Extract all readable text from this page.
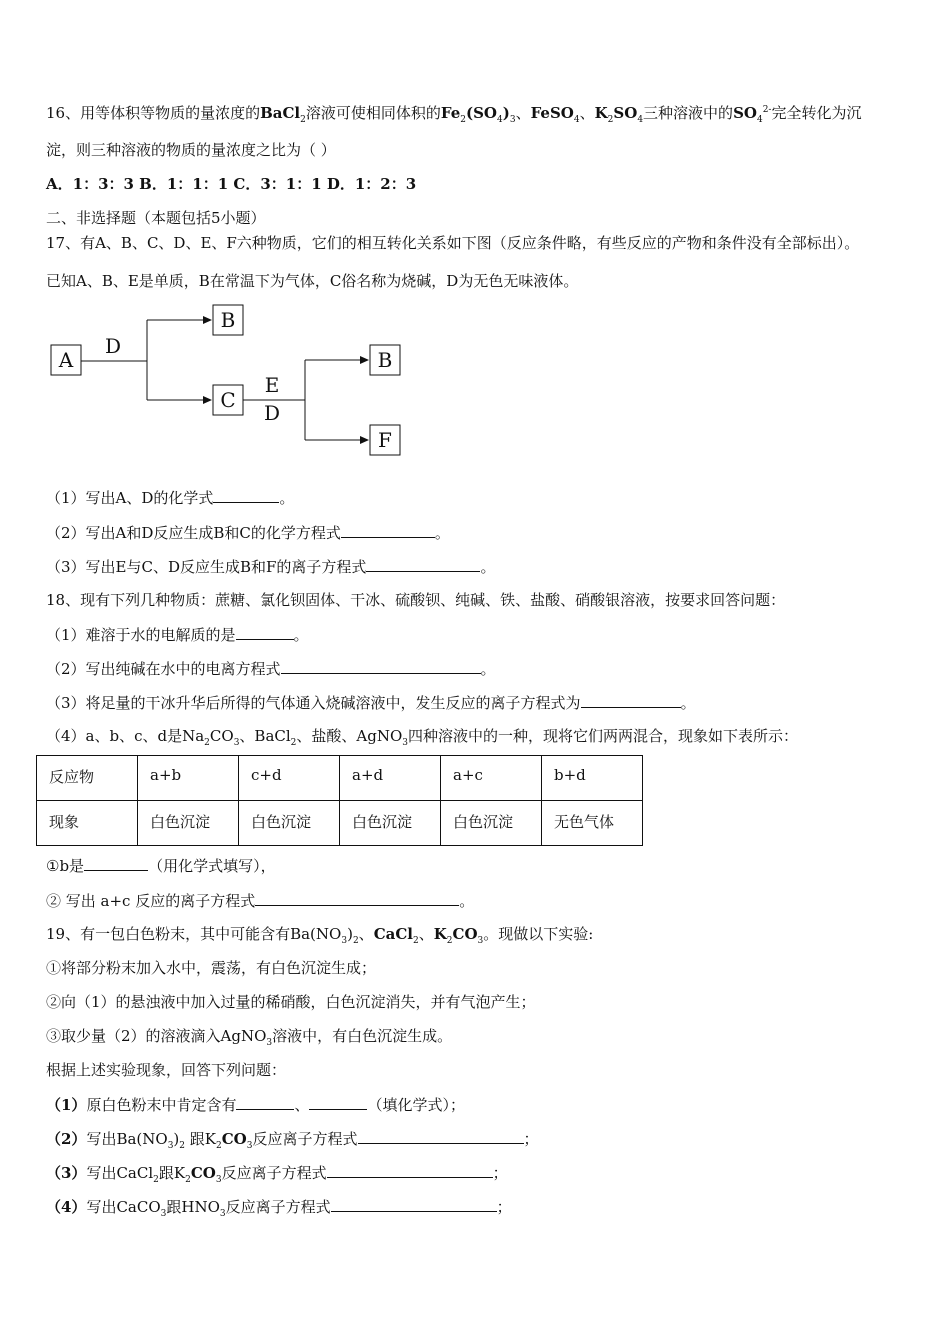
16、用等体积等物质的量浓度的BaCl$_2$溶液可使相同体积的$Fe_2(SO_4)_3$、FeSO$_4$、$K_2SO_4$三种溶液中的$SO_4^{2-}$完全转化为沉
淀，则三种溶液的物质的量浓度之比为（ ）
A．1：3：3 B．1：1：1 C．3：1：1 D．1：2：3
二、非选择题（本题包括5小题）
17、有A、B、C、D、E、F六种物质，它们的相互转化关系如下图（反应条件略，有些反应的产物和条件没有全部标出）。
已知A、B、E是单质，B在常温下为气体，C俗名称为烧碱，D为无色无味液体。
A
B
C
B
F
D
E
D
（1）写出A、D的化学式	。
（2）写出A和D反应生成B和C的化学方程式	。
（3）写出E与C、D反应生成B和F的离子方程式	。
18、现有下列几种物质：蔗糖、氯化钡固体、干冰、硫酸钡、纯碱、铁、盐酸、硝酸银溶液，按要求回答问题：
（1）难溶于水的电解质的是	。
（2）写出纯碱在水中的电离方程式	。
（3）将足量的干冰升华后所得的气体通入烧碱溶液中，发生反应的离子方程式为	。
（4）a、b、c、d是$Na_2CO_3$、BaCl$_2$、盐酸、AgNO$_3$四种溶液中的一种，现将它们两两混合，现象如下表所示：
反应物	a+b	c+d	a+d	a+c	b+d

现象	白色沉淀	白色沉淀	白色沉淀	白色沉淀	无色气体
①b是	（用化学式填写），
② 写出 a+c 反应的离子方程式	。
19、有一包白色粉末，其中可能含有$Ba(NO_3)_2$、CaCl$_2$、$K_2CO_3$。现做以下实验:
①将部分粉末加入水中，震荡，有白色沉淀生成；
②向（1）的悬浊液中加入过量的稀硝酸，白色沉淀消失，并有气泡产生；
③取少量（2）的溶液滴入AgNO$_3$溶液中，有白色沉淀生成。
根据上述实验现象，回答下列问题：
（1）原白色粉末中肯定含有	、	（填化学式）；
（2）写出$Ba(NO_3)_2$ 跟$K_2CO_3$反应离子方程式	；
（3）写出CaCl$_2$跟$K_2CO_3$反应离子方程式	；
（4）写出CaCO$_3$跟$HNO_3$反应离子方程式	；
